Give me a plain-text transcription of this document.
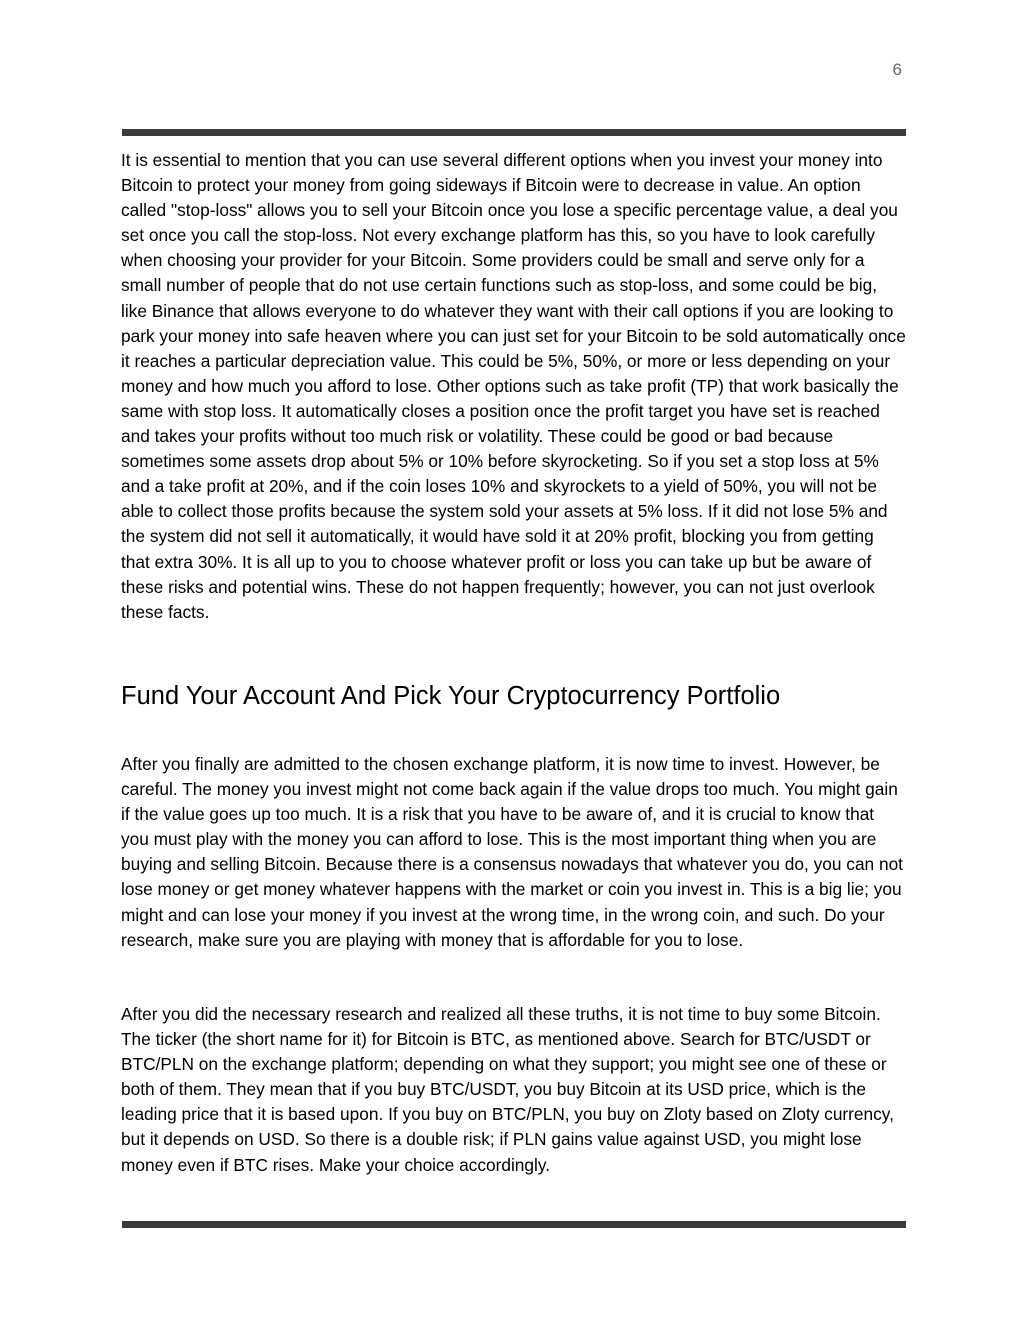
6

It is essential to mention that you can use several different options when you invest your money into Bitcoin to protect your money from going sideways if Bitcoin were to decrease in value. An option called "stop-loss" allows you to sell your Bitcoin once you lose a specific percentage value, a deal you set once you call the stop-loss. Not every exchange platform has this, so you have to look carefully when choosing your provider for your Bitcoin. Some providers could be small and serve only for a small number of people that do not use certain functions such as stop-loss, and some could be big, like Binance that allows everyone to do whatever they want with their call options if you are looking to park your money into safe heaven where you can just set for your Bitcoin to be sold automatically once it reaches a particular depreciation value. This could be 5%, 50%, or more or less depending on your money and how much you afford to lose. Other options such as take profit (TP) that work basically the same with stop loss. It automatically closes a position once the profit target you have set is reached and takes your profits without too much risk or volatility. These could be good or bad because sometimes some assets drop about 5% or 10% before skyrocketing. So if you set a stop loss at 5% and a take profit at 20%, and if the coin loses 10% and skyrockets to a yield of 50%, you will not be able to collect those profits because the system sold your assets at 5% loss. If it did not lose 5% and the system did not sell it automatically, it would have sold it at 20% profit, blocking you from getting that extra 30%. It is all up to you to choose whatever profit or loss you can take up but be aware of these risks and potential wins. These do not happen frequently; however, you can not just overlook these facts.

Fund Your Account And Pick Your Cryptocurrency Portfolio

After you finally are admitted to the chosen exchange platform, it is now time to invest. However, be careful. The money you invest might not come back again if the value drops too much. You might gain if the value goes up too much. It is a risk that you have to be aware of, and it is crucial to know that you must play with the money you can afford to lose. This is the most important thing when you are buying and selling Bitcoin. Because there is a consensus nowadays that whatever you do, you can not lose money or get money whatever happens with the market or coin you invest in. This is a big lie; you might and can lose your money if you invest at the wrong time, in the wrong coin, and such. Do your research, make sure you are playing with money that is affordable for you to lose.

After you did the necessary research and realized all these truths, it is not time to buy some Bitcoin. The ticker (the short name for it) for Bitcoin is BTC, as mentioned above. Search for BTC/USDT or BTC/PLN on the exchange platform; depending on what they support; you might see one of these or both of them. They mean that if you buy BTC/USDT, you buy Bitcoin at its USD price, which is the leading price that it is based upon. If you buy on BTC/PLN, you buy on Zloty based on Zloty currency, but it depends on USD. So there is a double risk; if PLN gains value against USD, you might lose money even if BTC rises. Make your choice accordingly.
